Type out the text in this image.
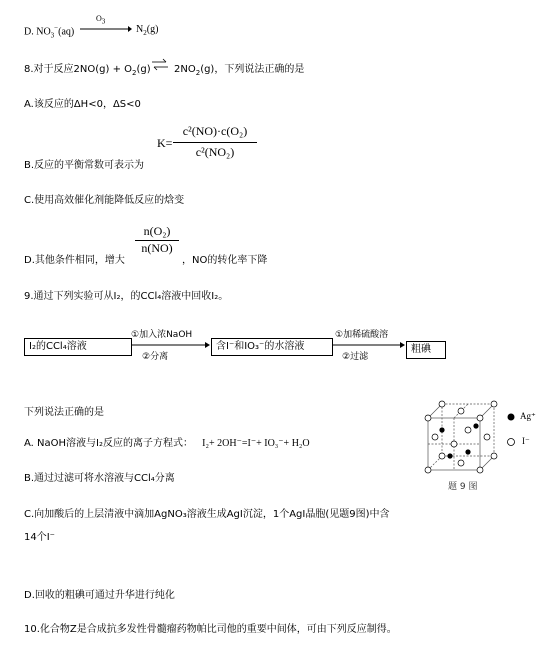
D. $NO_3^-(aq)$
$O_3$
$N_2(g)$
8.对于反应$2NO(g) + O_2(g)$ ⇌ $2NO_2(g)$，下列说法正确的是
A.该反应的ΔH<0，ΔS<0
B.反应的平衡常数可表示为
K=
c²(NO)·c(O₂)
c²(NO₂)
C.使用高效催化剂能降低反应的焓变
D.其他条件相同，增大
n(O₂)
n(NO)
，NO的转化率下降
9.通过下列实验可从I₂，的CCl₄溶液中回收I₂。
I₂的CCl₄溶液
①加入浓NaOH
②分离
含I⁻和IO₃⁻的水溶液
①加稀硫酸溶
②过滤
粗碘
下列说法正确的是
A. NaOH溶液与I₂反应的离子方程式： I₂+ 2OH⁻=I⁻+ IO₃⁻+ H₂O
B.通过过滤可将水溶液与CCl₄分离
C.向加酸后的上层清液中滴加AgNO₃溶液生成AgI沉淀，1个AgI晶胞(见题9图)中含
14个I⁻
D.回收的粗碘可通过升华进行纯化
Ag⁺
I⁻
题 9 图
10.化合物Z是合成抗多发性骨髓瘤药物帕比司他的重要中间体，可由下列反应制得。
